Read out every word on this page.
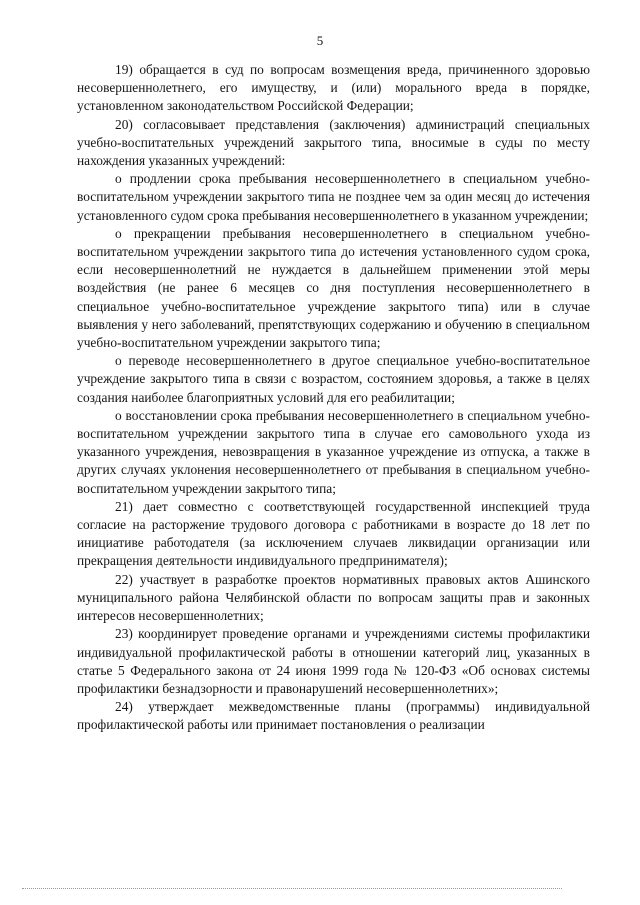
5

19) обращается в суд по вопросам возмещения вреда, причиненного здоровью несовершеннолетнего, его имуществу, и (или) морального вреда в порядке, установленном законодательством Российской Федерации;

20) согласовывает представления (заключения) администраций специальных учебно-воспитательных учреждений закрытого типа, вносимые в суды по месту нахождения указанных учреждений:

о продлении срока пребывания несовершеннолетнего в специальном учебно-воспитательном учреждении закрытого типа не позднее чем за один месяц до истечения установленного судом срока пребывания несовершеннолетнего в указанном учреждении;

о прекращении пребывания несовершеннолетнего в специальном учебно-воспитательном учреждении закрытого типа до истечения установленного судом срока, если несовершеннолетний не нуждается в дальнейшем применении этой меры воздействия (не ранее 6 месяцев со дня поступления несовершеннолетнего в специальное учебно-воспитательное учреждение закрытого типа) или в случае выявления у него заболеваний, препятствующих содержанию и обучению в специальном учебно-воспитательном учреждении закрытого типа;

о переводе несовершеннолетнего в другое специальное учебно-воспитательное учреждение закрытого типа в связи с возрастом, состоянием здоровья, а также в целях создания наиболее благоприятных условий для его реабилитации;

о восстановлении срока пребывания несовершеннолетнего в специальном учебно-воспитательном учреждении закрытого типа в случае его самовольного ухода из указанного учреждения, невозвращения в указанное учреждение из отпуска, а также в других случаях уклонения несовершеннолетнего от пребывания в специальном учебно-воспитательном учреждении закрытого типа;

21) дает совместно с соответствующей государственной инспекцией труда согласие на расторжение трудового договора с работниками в возрасте до 18 лет по инициативе работодателя (за исключением случаев ликвидации организации или прекращения деятельности индивидуального предпринимателя);

22) участвует в разработке проектов нормативных правовых актов Ашинского муниципального района Челябинской области по вопросам защиты прав и законных интересов несовершеннолетних;

23) координирует проведение органами и учреждениями системы профилактики индивидуальной профилактической работы в отношении категорий лиц, указанных в статье 5 Федерального закона от 24 июня 1999 года № 120-ФЗ «Об основах системы профилактики безнадзорности и правонарушений несовершеннолетних»;

24) утверждает межведомственные планы (программы) индивидуальной профилактической работы или принимает постановления о реализации
